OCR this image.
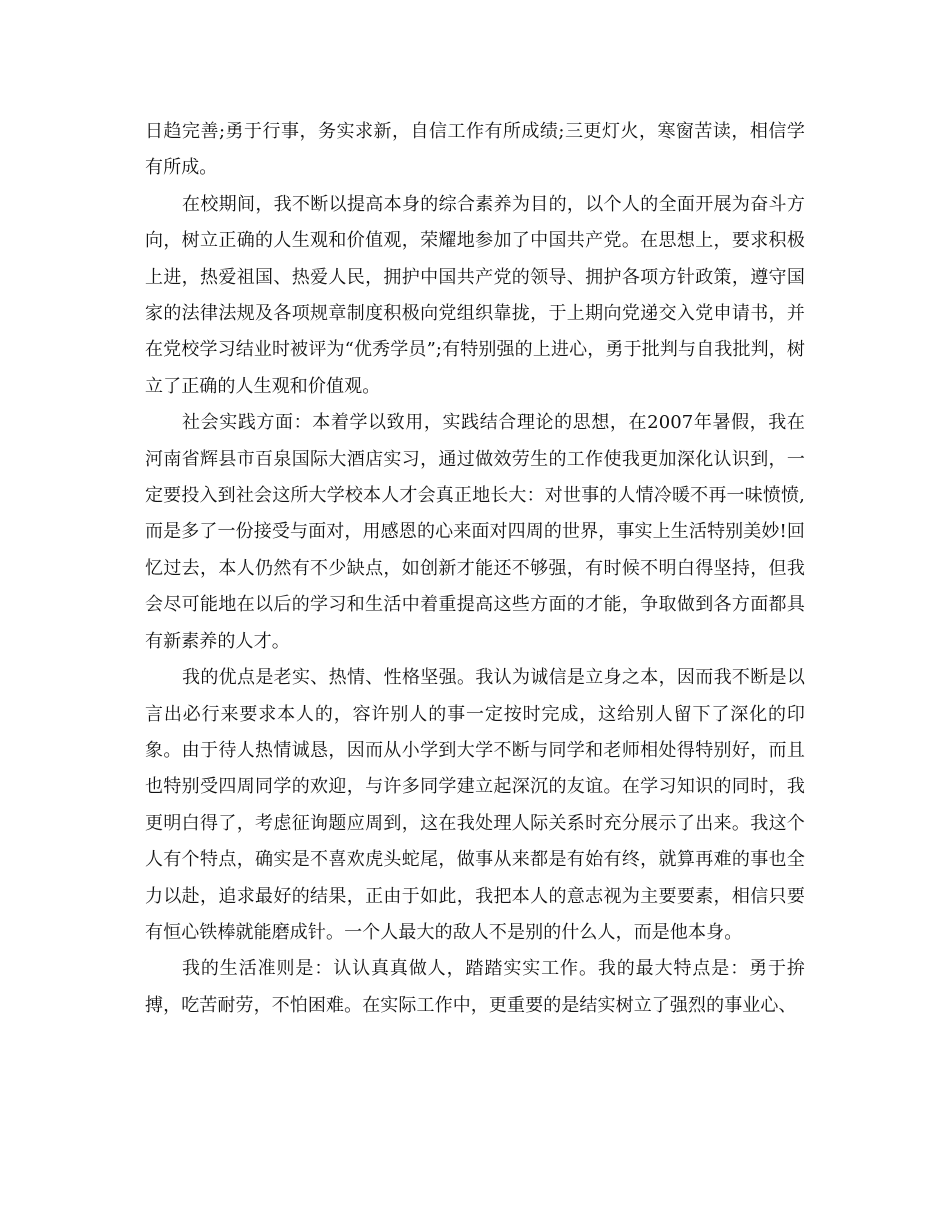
日趋完善;勇于行事，务实求新，自信工作有所成绩;三更灯火，寒窗苦读，相信学有所成。

在校期间，我不断以提高本身的综合素养为目的，以个人的全面开展为奋斗方向，树立正确的人生观和价值观，荣耀地参加了中国共产党。在思想上，要求积极上进，热爱祖国、热爱人民，拥护中国共产党的领导、拥护各项方针政策，遵守国家的法律法规及各项规章制度积极向党组织靠拢，于上期向党递交入党申请书，并在党校学习结业时被评为“优秀学员”;有特别强的上进心，勇于批判与自我批判，树立了正确的人生观和价值观。

社会实践方面：本着学以致用，实践结合理论的思想，在2007年暑假，我在河南省辉县市百泉国际大酒店实习，通过做效劳生的工作使我更加深化认识到，一定要投入到社会这所大学校本人才会真正地长大：对世事的人情冷暖不再一味愤愤,而是多了一份接受与面对，用感恩的心来面对四周的世界，事实上生活特别美妙!回忆过去，本人仍然有不少缺点，如创新才能还不够强，有时候不明白得坚持，但我会尽可能地在以后的学习和生活中着重提高这些方面的才能，争取做到各方面都具有新素养的人才。

我的优点是老实、热情、性格坚强。我认为诚信是立身之本，因而我不断是以言出必行来要求本人的，容许别人的事一定按时完成，这给别人留下了深化的印象。由于待人热情诚恳，因而从小学到大学不断与同学和老师相处得特别好，而且也特别受四周同学的欢迎，与许多同学建立起深沉的友谊。在学习知识的同时，我更明白得了，考虑征询题应周到，这在我处理人际关系时充分展示了出来。我这个人有个特点，确实是不喜欢虎头蛇尾，做事从来都是有始有终，就算再难的事也全力以赴，追求最好的结果，正由于如此，我把本人的意志视为主要要素，相信只要有恒心铁棒就能磨成针。一个人最大的敌人不是别的什么人，而是他本身。

我的生活准则是：认认真真做人，踏踏实实工作。我的最大特点是：勇于拚搏，吃苦耐劳，不怕困难。在实际工作中，更重要的是结实树立了强烈的事业心、
